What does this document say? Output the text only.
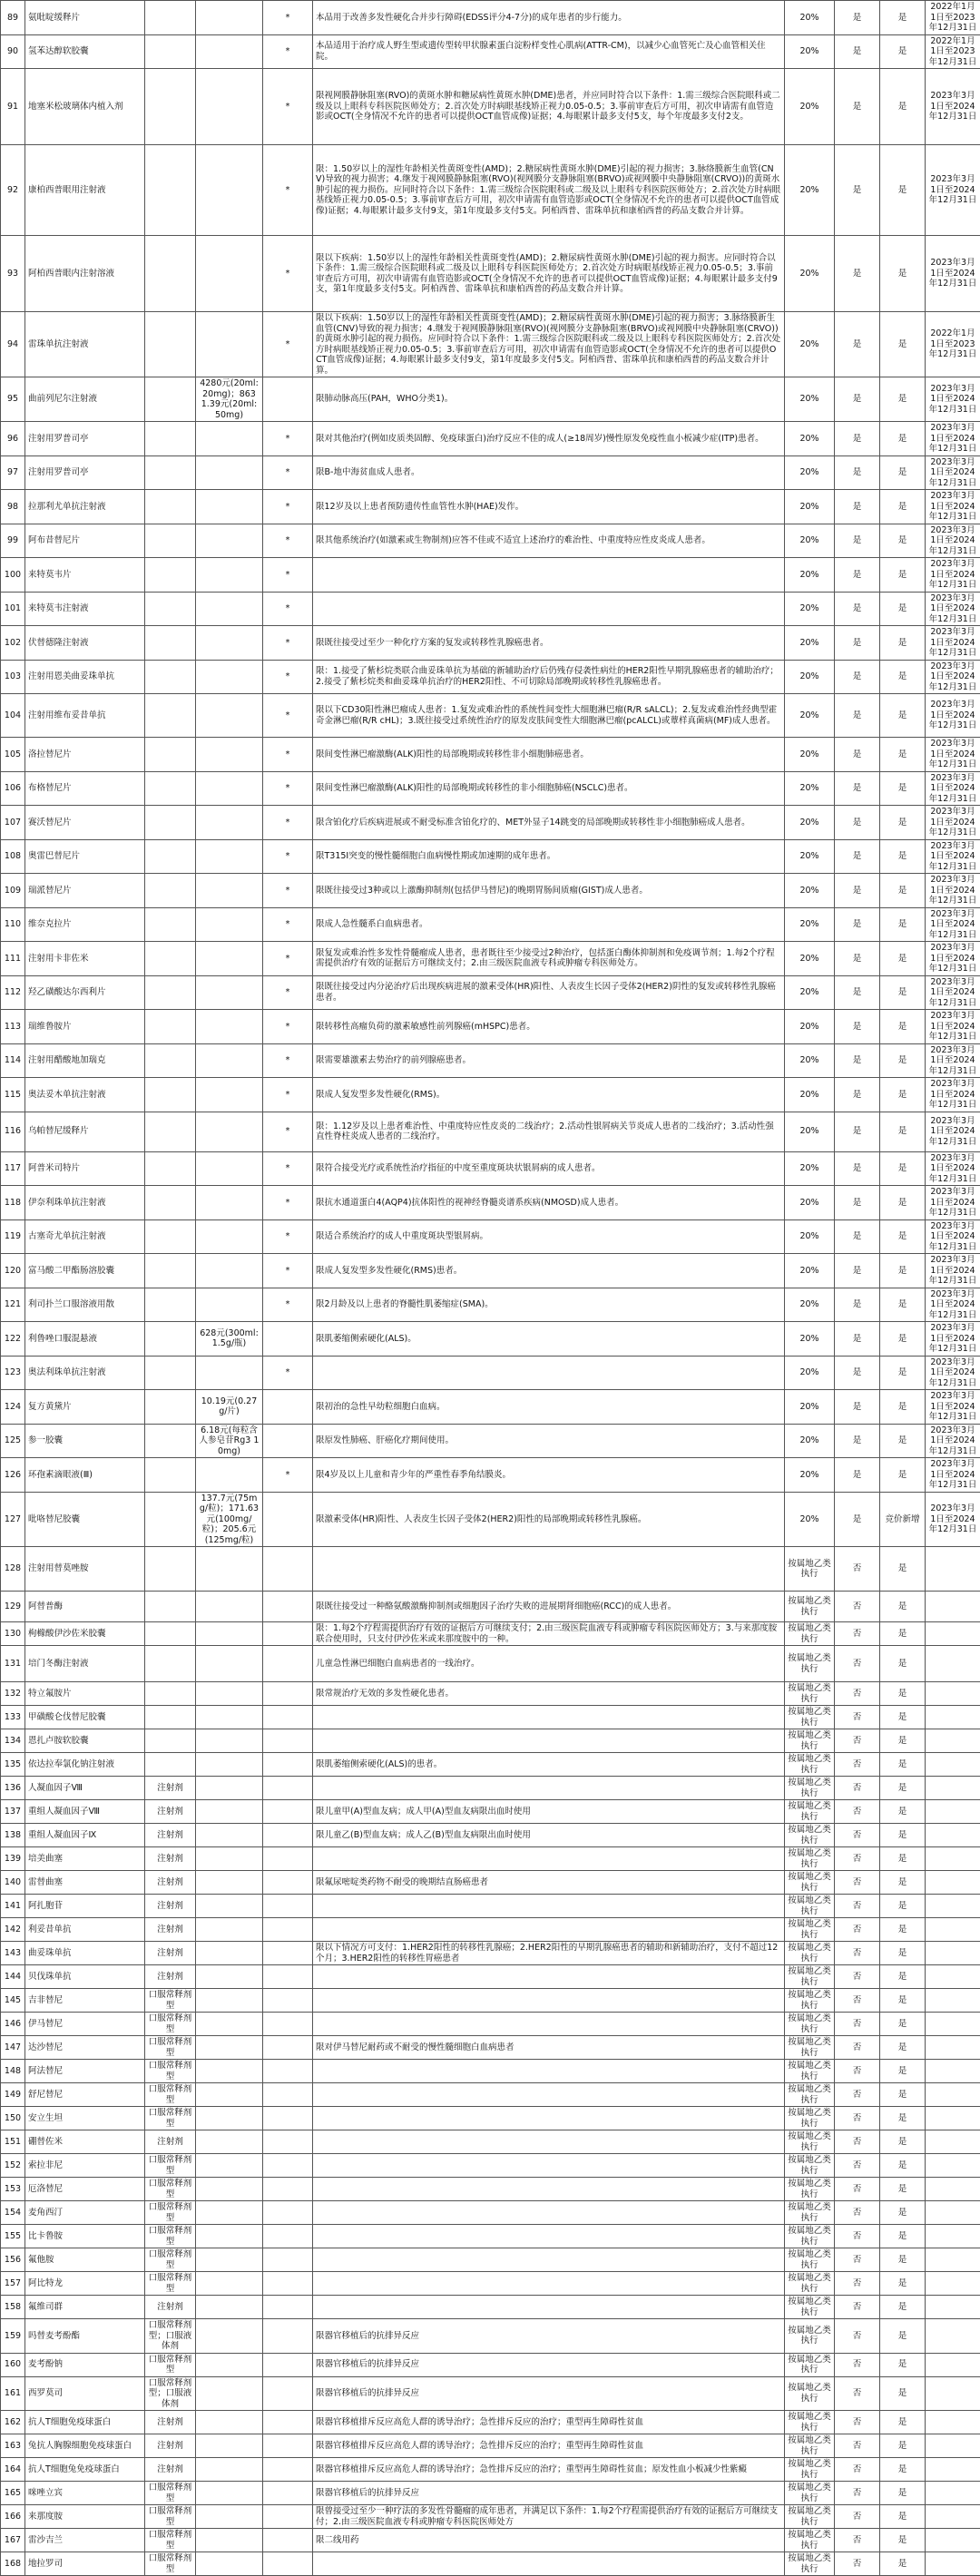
89	氨吡啶缓释片			*	本品用于改善多发性硬化合并步行障碍(EDSS评分4-7分)的成年患者的步行能力。	20%	是	是	2022年1月1日至2023年12月31日
90	氢苯达醇软胶囊			*	本品适用于治疗成人野生型或遗传型转甲状腺素蛋白淀粉样变性心肌病(ATTR-CM)，以减少心血管死亡及心血管相关住院。	20%	是	是	2022年1月1日至2023年12月31日
91	地塞米松玻璃体内植入剂			*	限视网膜静脉阻塞(RVO)的黄斑水肿和糖尿病性黄斑水肿(DME)患者，并应同时符合以下条件：1.需三级综合医院眼科或二级及以上眼科专科医院医师处方；2.首次处方时病眼基线矫正视力0.05-0.5；3.事前审查后方可用，初次申请需有血管造影或OCT(全身情况不允许的患者可以提供OCT血管成像)证据；4.每眼累计最多支付5支，每个年度最多支付2支。	20%	是	是	2023年3月1日至2024年12月31日
92	康柏西普眼用注射液			*	限：1.50岁以上的湿性年龄相关性黄斑变性(AMD)；2.糖尿病性黄斑水肿(DME)引起的视力损害；3.脉络膜新生血管(CNV)导致的视力损害；4.继发于视网膜静脉阻塞(RVO)(视网膜分支静脉阻塞(BRVO)或视网膜中央静脉阻塞(CRVO))的黄斑水肿引起的视力损伤。应同时符合以下条件：1.需三级综合医院眼科或二级及以上眼科专科医院医师处方；2.首次处方时病眼基线矫正视力0.05-0.5；3.事前审查后方可用，初次申请需有血管造影或OCT(全身情况不允许的患者可以提供OCT血管成像)证据；4.每眼累计最多支付9支，第1年度最多支付5支。阿柏西普、雷珠单抗和康柏西普的药品支数合并计算。	20%	是	是	2023年3月1日至2024年12月31日
93	阿柏西普眼内注射溶液			*	限以下疾病：1.50岁以上的湿性年龄相关性黄斑变性(AMD)；2.糖尿病性黄斑水肿(DME)引起的视力损害。应同时符合以下条件：1.需三级综合医院眼科或二级及以上眼科专科医院医师处方；2.首次处方时病眼基线矫正视力0.05-0.5；3.事前审查后方可用，初次申请需有血管造影或OCT(全身情况不允许的患者可以提供OCT血管成像)证据；4.每眼累计最多支付9支，第1年度最多支付5支。阿柏西普、雷珠单抗和康柏西普的药品支数合并计算。	20%	是	是	2023年3月1日至2024年12月31日
94	雷珠单抗注射液			*	限以下疾病：1.50岁以上的湿性年龄相关性黄斑变性(AMD)；2.糖尿病性黄斑水肿(DME)引起的视力损害；3.脉络膜新生血管(CNV)导致的视力损害；4.继发于视网膜静脉阻塞(RVO)(视网膜分支静脉阻塞(BRVO)或视网膜中央静脉阻塞(CRVO))的黄斑水肿引起的视力损伤。应同时符合以下条件：1.需三级综合医院眼科或二级及以上眼科专科医院医师处方；2.首次处方时病眼基线矫正视力0.05-0.5；3.事前审查后方可用，初次申请需有血管造影或OCT(全身情况不允许的患者可以提供OCT血管成像)证据；4.每眼累计最多支付9支，第1年度最多支付5支。阿柏西普、雷珠单抗和康柏西普的药品支数合并计算。	20%	是	是	2022年1月1日至2023年12月31日
95	曲前列尼尔注射液		4280元(20ml:20mg)；8631.39元(20ml:50mg)		限肺动脉高压(PAH，WHO分类1)。	20%	是	是	2023年3月1日至2024年12月31日
96	注射用罗普司亭			*	限对其他治疗(例如皮质类固醇、免疫球蛋白)治疗反应不佳的成人(≥18周岁)慢性原发免疫性血小板减少症(ITP)患者。	20%	是	是	2023年3月1日至2024年12月31日
97	注射用罗普司亭			*	限B-地中海贫血成人患者。	20%	是	是	2023年3月1日至2024年12月31日
98	拉那利尤单抗注射液			*	限12岁及以上患者预防遗传性血管性水肿(HAE)发作。	20%	是	是	2023年3月1日至2024年12月31日
99	阿布昔替尼片			*	限其他系统治疗(如激素或生物制剂)应答不佳或不适宜上述治疗的难治性、中重度特应性皮炎成人患者。	20%	是	是	2023年3月1日至2024年12月31日
100	来特莫韦片			*		20%	是	是	2023年3月1日至2024年12月31日
101	来特莫韦注射液			*		20%	是	是	2023年3月1日至2024年12月31日
102	伏替德隆注射液			*	限既往接受过至少一种化疗方案的复发或转移性乳腺癌患者。	20%	是	是	2023年3月1日至2024年12月31日
103	注射用恩美曲妥珠单抗			*	限：1.接受了紫杉烷类联合曲妥珠单抗为基础的新辅助治疗后仍残存侵袭性病灶的HER2阳性早期乳腺癌患者的辅助治疗；2.接受了紫杉烷类和曲妥珠单抗治疗的HER2阳性、不可切除局部晚期或转移性乳腺癌患者。	20%	是	是	2023年3月1日至2024年12月31日
104	注射用维布妥昔单抗			*	限以下CD30阳性淋巴瘤成人患者：1.复发或难治性的系统性间变性大细胞淋巴瘤(R/R sALCL)；2.复发或难治性经典型霍奇金淋巴瘤(R/R cHL)；3.既往接受过系统性治疗的原发皮肤间变性大细胞淋巴瘤(pcALCL)或蕈样真菌病(MF)成人患者。	20%	是	是	2023年3月1日至2024年12月31日
105	洛拉替尼片			*	限间变性淋巴瘤激酶(ALK)阳性的局部晚期或转移性非小细胞肺癌患者。	20%	是	是	2023年3月1日至2024年12月31日
106	布格替尼片			*	限间变性淋巴瘤激酶(ALK)阳性的局部晚期或转移性的非小细胞肺癌(NSCLC)患者。	20%	是	是	2023年3月1日至2024年12月31日
107	赛沃替尼片			*	限含铂化疗后疾病进展或不耐受标准含铂化疗的、MET外显子14跳变的局部晚期或转移性非小细胞肺癌成人患者。	20%	是	是	2023年3月1日至2024年12月31日
108	奥雷巴替尼片			*	限T315I突变的慢性髓细胞白血病慢性期或加速期的成年患者。	20%	是	是	2023年3月1日至2024年12月31日
109	瑞派替尼片			*	限既往接受过3种或以上激酶抑制剂(包括伊马替尼)的晚期胃肠间质瘤(GIST)成人患者。	20%	是	是	2023年3月1日至2024年12月31日
110	维奈克拉片			*	限成人急性髓系白血病患者。	20%	是	是	2023年3月1日至2024年12月31日
111	注射用卡非佐米			*	限复发或难治性多发性骨髓瘤成人患者，患者既往至少接受过2种治疗，包括蛋白酶体抑制剂和免疫调节剂；1.每2个疗程需提供治疗有效的证据后方可继续支付；2.由三级医院血液专科或肿瘤专科医师处方。	20%	是	是	2023年3月1日至2024年12月31日
112	羟乙磺酸达尔西利片			*	限既往接受过内分泌治疗后出现疾病进展的激素受体(HR)阳性、人表皮生长因子受体2(HER2)阴性的复发或转移性乳腺癌患者。	20%	是	是	2023年3月1日至2024年12月31日
113	瑞维鲁胺片			*	限转移性高瘤负荷的激素敏感性前列腺癌(mHSPC)患者。	20%	是	是	2023年3月1日至2024年12月31日
114	注射用醋酸地加瑞克			*	限需要雄激素去势治疗的前列腺癌患者。	20%	是	是	2023年3月1日至2024年12月31日
115	奥法妥木单抗注射液			*	限成人复发型多发性硬化(RMS)。	20%	是	是	2023年3月1日至2024年12月31日
116	乌帕替尼缓释片			*	限：1.12岁及以上患者难治性、中重度特应性皮炎的二线治疗；2.活动性银屑病关节炎成人患者的二线治疗；3.活动性强直性脊柱炎成人患者的二线治疗。	20%	是	是	2023年3月1日至2024年12月31日
117	阿普米司特片			*	限符合接受光疗或系统性治疗指征的中度至重度斑块状银屑病的成人患者。	20%	是	是	2023年3月1日至2024年12月31日
118	伊奈利珠单抗注射液			*	限抗水通道蛋白4(AQP4)抗体阳性的视神经脊髓炎谱系疾病(NMOSD)成人患者。	20%	是	是	2023年3月1日至2024年12月31日
119	古塞奇尤单抗注射液			*	限适合系统治疗的成人中重度斑块型银屑病。	20%	是	是	2023年3月1日至2024年12月31日
120	富马酸二甲酯肠溶胶囊			*	限成人复发型多发性硬化(RMS)患者。	20%	是	是	2023年3月1日至2024年12月31日
121	利司扑兰口服溶液用散			*	限2月龄及以上患者的脊髓性肌萎缩症(SMA)。	20%	是	是	2023年3月1日至2024年12月31日
122	利鲁唑口服混悬液		628元(300ml:1.5g/瓶)		限肌萎缩侧索硬化(ALS)。	20%	是	是	2023年3月1日至2024年12月31日
123	奥法利珠单抗注射液			*		20%	是	是	2023年3月1日至2024年12月31日
124	复方黄黛片		10.19元(0.27g/片)		限初治的急性早幼粒细胞白血病。	20%	是	是	2023年3月1日至2024年12月31日
125	参一胶囊		6.18元(每粒含人参皂苷Rg3 10mg)		限原发性肺癌、肝癌化疗期间使用。	20%	是	是	2023年3月1日至2024年12月31日
126	环孢素滴眼液(Ⅲ)			*	限4岁及以上儿童和青少年的严重性春季角结膜炎。	20%	是	是	2023年3月1日至2024年12月31日
127	吡咯替尼胶囊		137.7元(75mg/粒)；171.63元(100mg/粒)；205.6元(125mg/粒)		限激素受体(HR)阳性、人表皮生长因子受体2(HER2)阳性的局部晚期或转移性乳腺癌。	20%	是	竞价新增	2023年3月1日至2024年12月31日
128	注射用替莫唑胺					按属地乙类执行	否	是	
129	阿替普酶				限既往接受过一种酪氨酸激酶抑制剂或细胞因子治疗失败的进展期肾细胞癌(RCC)的成人患者。	按属地乙类执行	否	是	
130	枸橼酸伊沙佐米胶囊				限：1.每2个疗程需提供治疗有效的证据后方可继续支付；2.由三级医院血液专科或肿瘤专科医院医师处方；3.与来那度胺联合使用时，只支付伊沙佐米或来那度胺中的一种。	按属地乙类执行	否	是	
131	培门冬酶注射液				儿童急性淋巴细胞白血病患者的一线治疗。	按属地乙类执行	否	是	
132	特立氟胺片				限常规治疗无效的多发性硬化患者。	按属地乙类执行	否	是	
133	甲磺酸仑伐替尼胶囊					按属地乙类执行	否	是	
134	恩扎卢胺软胶囊					按属地乙类执行	否	是	
135	依达拉奉氯化钠注射液				限肌萎缩侧索硬化(ALS)的患者。	按属地乙类执行	否	是	
136	人凝血因子Ⅷ	注射剂				按属地乙类执行	否	是	
137	重组人凝血因子Ⅷ	注射剂			限儿童甲(A)型血友病；成人甲(A)型血友病限出血时使用	按属地乙类执行	否	是	
138	重组人凝血因子Ⅸ	注射剂			限儿童乙(B)型血友病；成人乙(B)型血友病限出血时使用	按属地乙类执行	否	是	
139	培美曲塞	注射剂				按属地乙类执行	否	是	
140	雷替曲塞	注射剂			限氟尿嘧啶类药物不耐受的晚期结直肠癌患者	按属地乙类执行	否	是	
141	阿扎胞苷	注射剂				按属地乙类执行	否	是	
142	利妥昔单抗	注射剂				按属地乙类执行	否	是	
143	曲妥珠单抗	注射剂			限以下情况方可支付：1.HER2阳性的转移性乳腺癌；2.HER2阳性的早期乳腺癌患者的辅助和新辅助治疗，支付不超过12个月；3.HER2阳性的转移性胃癌患者	按属地乙类执行	否	是	
144	贝伐珠单抗	注射剂				按属地乙类执行	否	是	
145	吉非替尼	口服常释剂型				按属地乙类执行	否	是	
146	伊马替尼	口服常释剂型				按属地乙类执行	否	是	
147	达沙替尼	口服常释剂型			限对伊马替尼耐药或不耐受的慢性髓细胞白血病患者	按属地乙类执行	否	是	
148	阿法替尼	口服常释剂型				按属地乙类执行	否	是	
149	舒尼替尼	口服常释剂型				按属地乙类执行	否	是	
150	安立生坦	口服常释剂型				按属地乙类执行	否	是	
151	硼替佐米	注射剂				按属地乙类执行	否	是	
152	索拉非尼	口服常释剂型				按属地乙类执行	否	是	
153	厄洛替尼	口服常释剂型				按属地乙类执行	否	是	
154	麦角西汀	口服常释剂型				按属地乙类执行	否	是	
155	比卡鲁胺	口服常释剂型				按属地乙类执行	否	是	
156	氟他胺	口服常释剂型				按属地乙类执行	否	是	
157	阿比特龙	口服常释剂型				按属地乙类执行	否	是	
158	氟维司群	注射剂				按属地乙类执行	否	是	
159	吗替麦考酚酯	口服常释剂型；口服液体剂			限器官移植后的抗排异反应	按属地乙类执行	否	是	
160	麦考酚钠	口服常释剂型			限器官移植后的抗排异反应	按属地乙类执行	否	是	
161	西罗莫司	口服常释剂型；口服液体剂			限器官移植后的抗排异反应	按属地乙类执行	否	是	
162	抗人T细胞免疫球蛋白	注射剂			限器官移植排斥反应高危人群的诱导治疗；急性排斥反应的治疗；重型再生障碍性贫血	按属地乙类执行	否	是	
163	兔抗人胸腺细胞免疫球蛋白	注射剂			限器官移植排斥反应高危人群的诱导治疗；急性排斥反应的治疗；重型再生障碍性贫血	按属地乙类执行	否	是	
164	抗人T细胞兔免疫球蛋白	注射剂			限器官移植排斥反应高危人群的诱导治疗；急性排斥反应的治疗；重型再生障碍性贫血；原发性血小板减少性紫癜	按属地乙类执行	否	是	
165	咪唑立宾	口服常释剂型			限器官移植后的抗排异反应	按属地乙类执行	否	是	
166	来那度胺	口服常释剂型			限曾接受过至少一种疗法的多发性骨髓瘤的成年患者，并满足以下条件：1.每2个疗程需提供治疗有效的证据后方可继续支付；2.由三级医院血液专科或肿瘤专科医院医师处方	按属地乙类执行	否	是	
167	雷沙吉兰	口服常释剂型			限二线用药	按属地乙类执行	否	是	
168	地拉罗司	口服常释剂型				按属地乙类执行	否	是	
